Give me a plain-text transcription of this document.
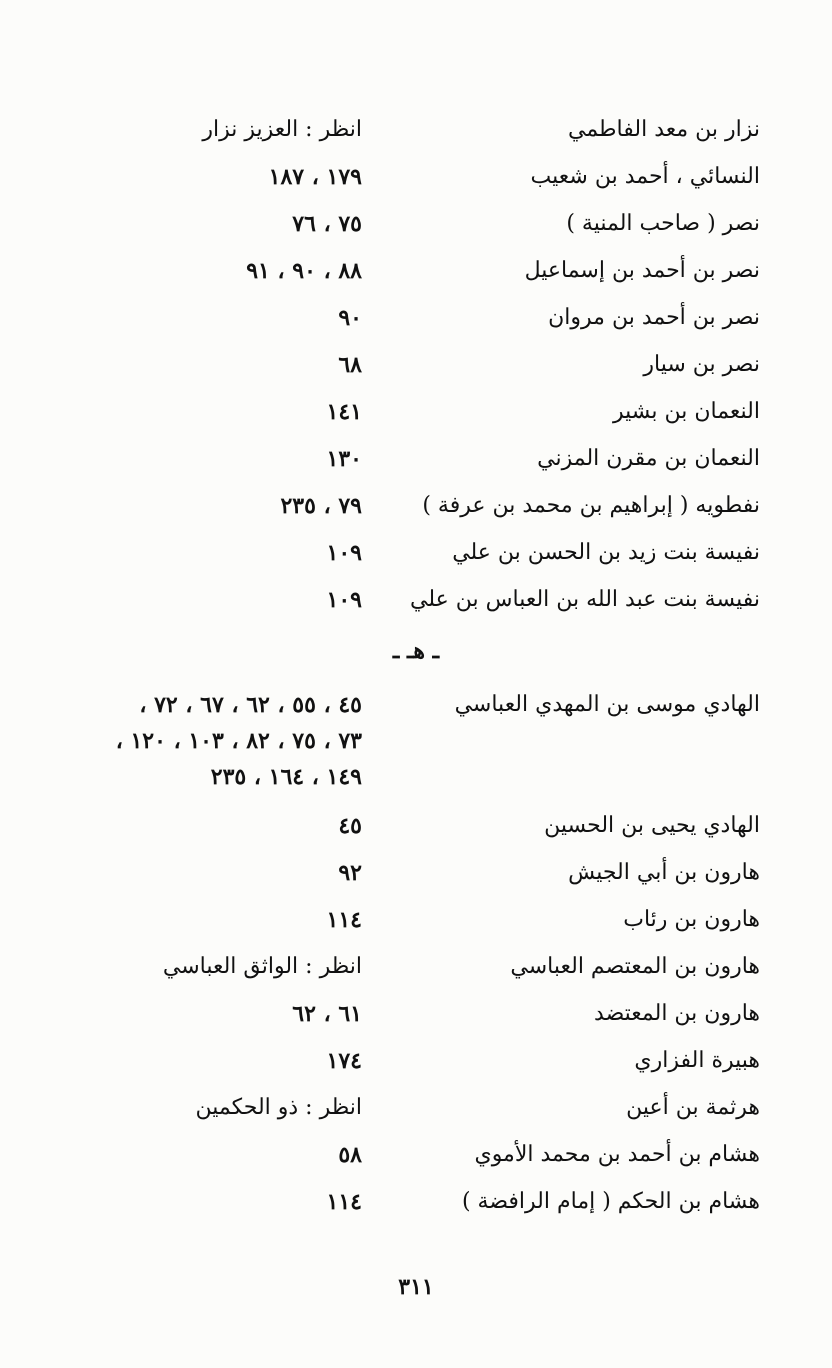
نزار بن معد الفاطمي
انظر : العزيز نزار
النسائي ، أحمد بن شعيب
١٧٩ ، ١٨٧
نصر ( صاحب المنية )
٧٥ ، ٧٦
نصر بن أحمد بن إسماعيل
٨٨ ، ٩٠ ، ٩١
نصر بن أحمد بن مروان
٩٠
نصر بن سيار
٦٨
النعمان بن بشير
١٤١
النعمان بن مقرن المزني
١٣٠
نفطويه ( إبراهيم بن محمد بن عرفة )
٧٩ ، ٢٣٥
نفيسة بنت زيد بن الحسن بن علي
١٠٩
نفيسة بنت عبد الله بن العباس بن علي
١٠٩
ـ هـ ـ
الهادي موسى بن المهدي العباسي
٤٥ ، ٥٥ ، ٦٢ ، ٦٧ ، ٧٢ ،
٧٣ ، ٧٥ ، ٨٢ ، ١٠٣ ، ١٢٠ ،
١٤٩ ، ١٦٤ ، ٢٣٥
الهادي يحيى بن الحسين
٤٥
هارون بن أبي الجيش
٩٢
هارون بن رئاب
١١٤
هارون بن المعتصم العباسي
انظر : الواثق العباسي
هارون بن المعتضد
٦١ ، ٦٢
هبيرة الفزاري
١٧٤
هرثمة بن أعين
انظر : ذو الحكمين
هشام بن أحمد بن محمد الأموي
٥٨
هشام بن الحكم ( إمام الرافضة )
١١٤
٣١١
